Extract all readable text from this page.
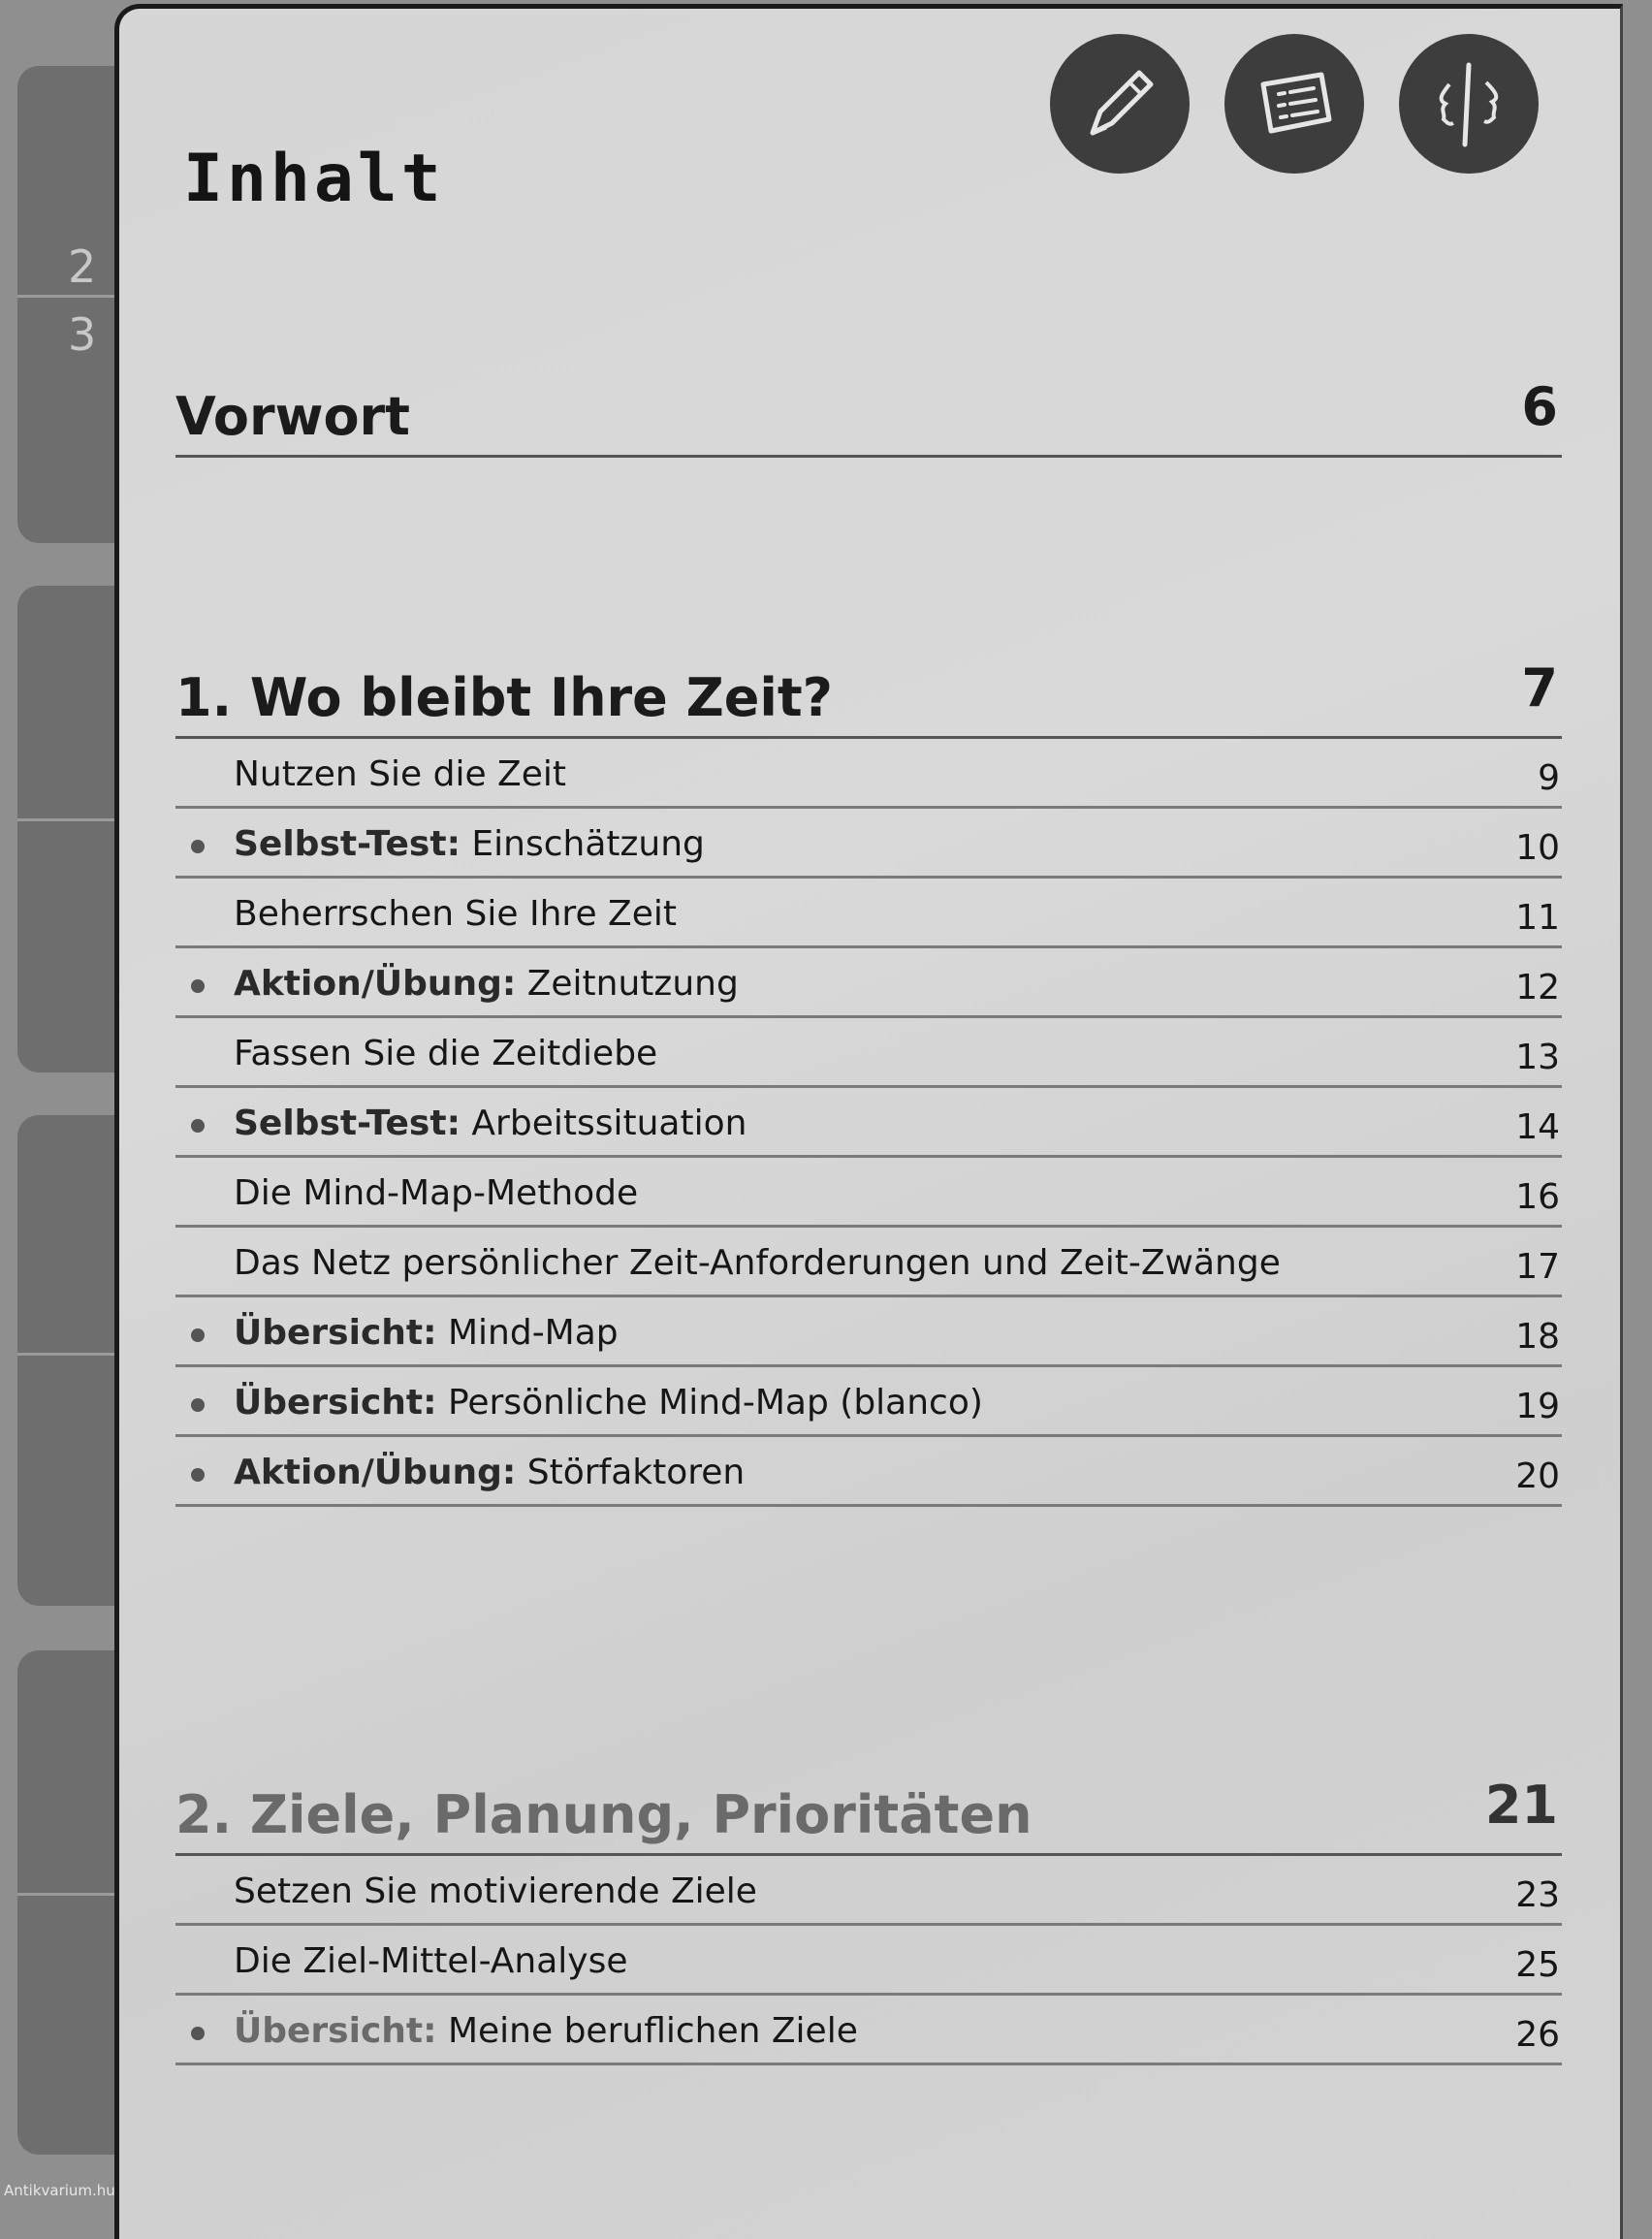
2
3
Inhalt
Vorwort	6
1. Wo bleibt Ihre Zeit?	7
Nutzen Sie die Zeit	9
Selbst-Test: Einschätzung	10
Beherrschen Sie Ihre Zeit	11
Aktion/Übung: Zeitnutzung	12
Fassen Sie die Zeitdiebe	13
Selbst-Test: Arbeitssituation	14
Die Mind-Map-Methode	16
Das Netz persönlicher Zeit-Anforderungen und Zeit-Zwänge	17
Übersicht: Mind-Map	18
Übersicht: Persönliche Mind-Map (blanco)	19
Aktion/Übung: Störfaktoren	20
2. Ziele, Planung, Prioritäten	21
Setzen Sie motivierende Ziele	23
Die Ziel-Mittel-Analyse	25
Übersicht: Meine beruflichen Ziele	26
Antikvarium.hu
